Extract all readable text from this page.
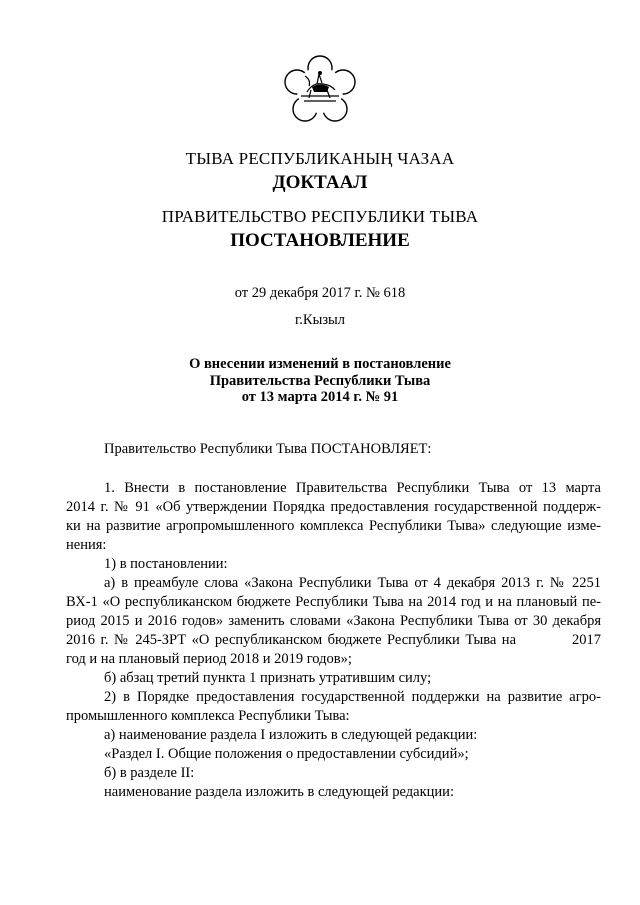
ТЫВА РЕСПУБЛИКАНЫҢ ЧАЗАА
ДОКТААЛ
ПРАВИТЕЛЬСТВО РЕСПУБЛИКИ ТЫВА
ПОСТАНОВЛЕНИЕ
от 29 декабря 2017 г. № 618
г.Кызыл
О внесении изменений в постановление
Правительства Республики Тыва
от 13 марта 2014 г. № 91
Правительство Республики Тыва ПОСТАНОВЛЯЕТ:
1. Внести в постановление Правительства Республики Тыва от 13 марта
2014 г. № 91 «Об утверждении Порядка предоставления государственной поддерж-
ки на развитие агропромышленного комплекса Республики Тыва» следующие изме-
нения:
1) в постановлении:
а) в преамбуле слова «Закона Республики Тыва от 4 декабря 2013 г. № 2251
ВХ-1 «О республиканском бюджете Республики Тыва на 2014 год и на плановый пе-
риод 2015 и 2016 годов» заменить словами «Закона Республики Тыва от 30 декабря
2016 г. № 245-ЗРТ «О республиканском бюджете Республики Тыва на	2017
год и на плановый период 2018 и 2019 годов»;
б) абзац третий пункта 1 признать утратившим силу;
2) в Порядке предоставления государственной поддержки на развитие агро-
промышленного комплекса Республики Тыва:
а) наименование раздела I изложить в следующей редакции:
«Раздел I. Общие положения о предоставлении субсидий»;
б) в разделе II:
наименование раздела изложить в следующей редакции:
